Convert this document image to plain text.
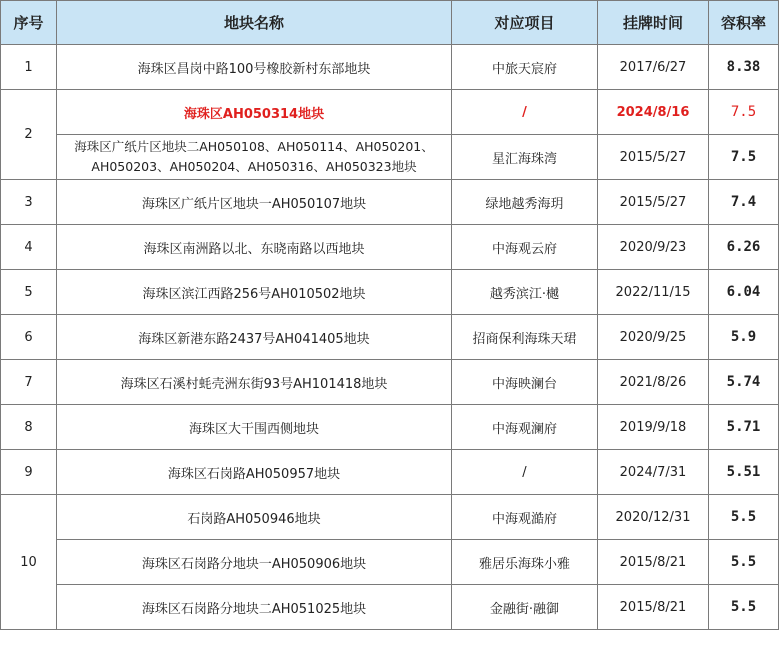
序号	地块名称	对应项目	挂牌时间	容积率
1	海珠区昌岗中路100号橡胶新村东部地块	中旅天宸府	2017/6/27	8.38
2	海珠区AH050314地块	/	2024/8/16	7.5
	海珠区广纸片区地块二AH050108、AH050114、AH050201、AH050203、AH050204、AH050316、AH050323地块	星汇海珠湾	2015/5/27	7.5
3	海珠区广纸片区地块一AH050107地块	绿地越秀海玥	2015/5/27	7.4
4	海珠区南洲路以北、东晓南路以西地块	中海观云府	2020/9/23	6.26
5	海珠区滨江西路256号AH010502地块	越秀滨江·樾	2022/11/15	6.04
6	海珠区新港东路2437号AH041405地块	招商保利海珠天珺	2020/9/25	5.9
7	海珠区石溪村蚝壳洲东街93号AH101418地块	中海映澜台	2021/8/26	5.74
8	海珠区大干围西侧地块	中海观澜府	2019/9/18	5.71
9	海珠区石岗路AH050957地块	/	2024/7/31	5.51
10	石岗路AH050946地块	中海观澔府	2020/12/31	5.5
	海珠区石岗路分地块一AH050906地块	雅居乐海珠小雅	2015/8/21	5.5
	海珠区石岗路分地块二AH051025地块	金融街·融御	2015/8/21	5.5
